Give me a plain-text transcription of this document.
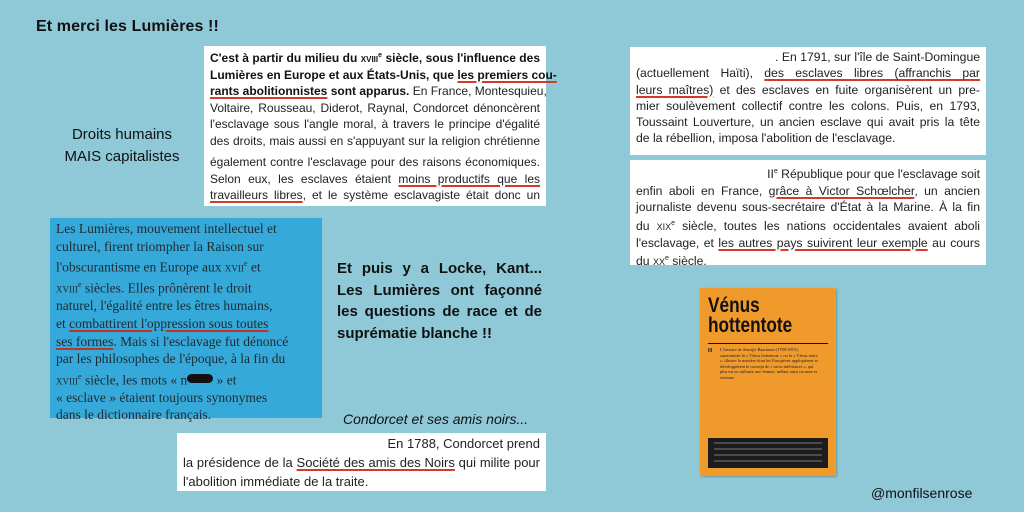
Et merci les Lumières !!
C'est à partir du milieu du xviii$^e$ siècle, sous l'influence des
Lumières en Europe et aux États-Unis, que les premiers cou-
rants abolitionnistes sont apparus. En France, Montesquieu,
Voltaire, Rousseau, Diderot, Raynal, Condorcet dénoncèrent
l'esclavage sous l'angle moral, à travers le principe d'égalité
des droits, mais aussi en s'appuyant sur la religion chrétienne
Droits humains
MAIS capitalistes	également contre l'esclavage pour des raisons économiques.
Selon eux, les esclaves étaient moins productifs que les
travailleurs libres, et le système esclavagiste était donc un
Les Lumières, mouvement intellectuel et
culturel, firent triompher la Raison sur
l'obscurantisme en Europe aux xvii$^e$ et
xviii$^e$ siècles. Elles prônèrent le droit
naturel, l'égalité entre les êtres humains,
et combattirent l'oppression sous toutes
ses formes. Mais si l'esclavage fut dénoncé
par les philosophes de l'époque, à la fin du
xviii$^e$ siècle, les mots « n » et
« esclave » étaient toujours synonymes
dans le dictionnaire français.
Et puis y a Locke, Kant... Les Lumières ont façonné les questions de race et de suprématie blanche !!
Condorcet et ses amis noirs...
En 1788, Condorcet prend
la présidence de la Société des amis des Noirs qui milite pour
l'abolition immédiate de la traite.
. En 1791, sur l'île de Saint-Domingue
(actuellement Haïti), des esclaves libres (affranchis par
leurs maîtres) et des esclaves en fuite organisèrent un pre-
mier soulèvement collectif contre les colons. Puis, en 1793,
Toussaint Louverture, un ancien esclave qui avait pris la tête
de la rébellion, imposa l'abolition de l'esclavage.
IIe République pour que l'esclavage soit
enfin aboli en France, grâce à Victor Schœlcher, un ancien
journaliste devenu sous-secrétaire d'État à la Marine. À la fin
du xix$^e$ siècle, toutes les nations occidentales avaient aboli
l'esclavage, et les autres pays suivirent leur exemple au cours
du $xx^e$ siècle.
Vénus
hottentote
III L'histoire de Saartjie Baartman (1789-1815), surnommée la « Vénus hottentote » ou la « Vénus noire », illustre la manière dont les Européens appliquèrent et développèrent le concept de « races inférieures », qui plus est en utilisant une femme, mêlant ainsi racisme et sexisme.
@monfilsenrose
